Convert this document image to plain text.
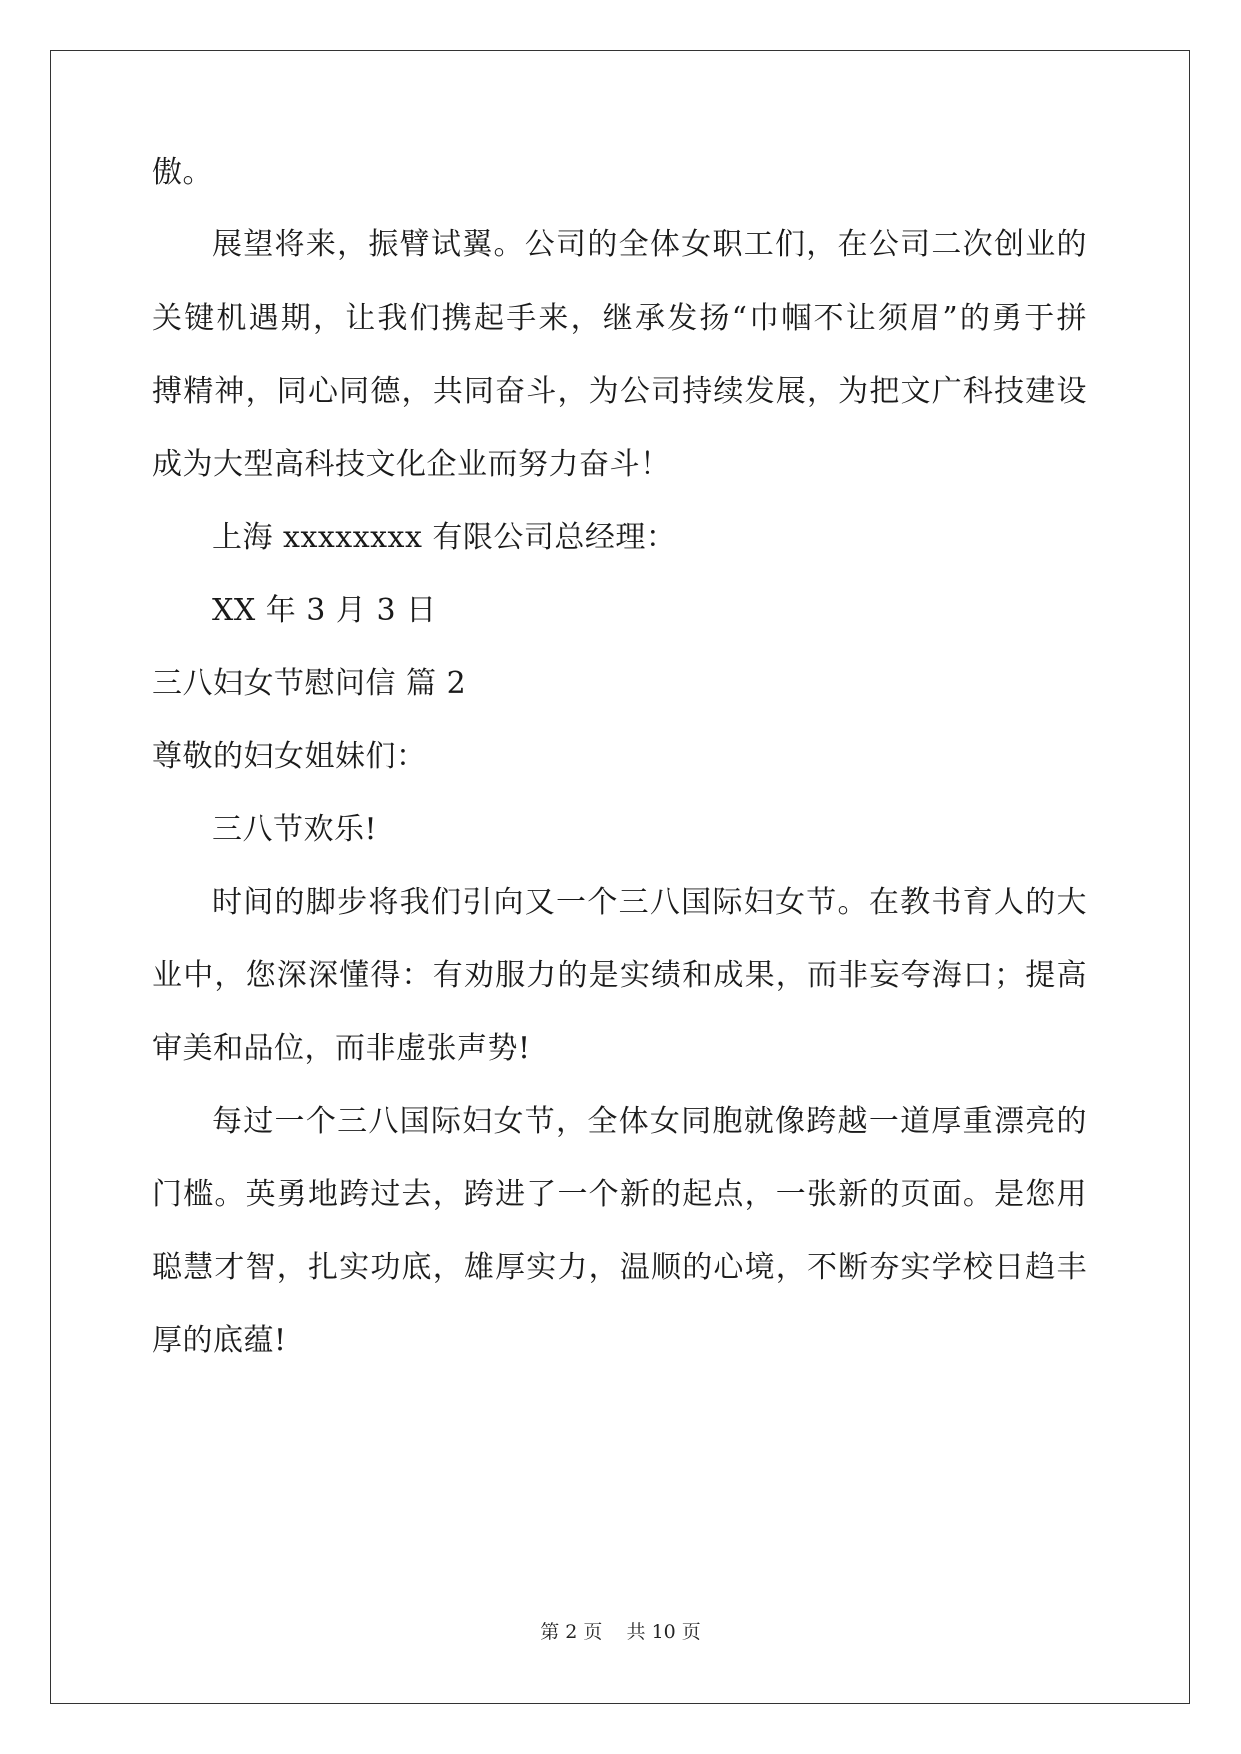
傲。
展望将来，振臂试翼。公司的全体女职工们，在公司二次创业的
关键机遇期，让我们携起手来，继承发扬“巾帼不让须眉”的勇于拼
搏精神，同心同德，共同奋斗，为公司持续发展，为把文广科技建设
成为大型高科技文化企业而努力奋斗！
上海 xxxxxxxx 有限公司总经理：
XX 年 3 月 3 日
三八妇女节慰问信 篇 2
尊敬的妇女姐妹们：
三八节欢乐!
时间的脚步将我们引向又一个三八国际妇女节。在教书育人的大
业中，您深深懂得：有劝服力的是实绩和成果，而非妄夸海口；提高
审美和品位，而非虚张声势!
每过一个三八国际妇女节，全体女同胞就像跨越一道厚重漂亮的
门槛。英勇地跨过去，跨进了一个新的起点，一张新的页面。是您用
聪慧才智，扎实功底，雄厚实力，温顺的心境，不断夯实学校日趋丰
厚的底蕴!
第 2 页 共 10 页
